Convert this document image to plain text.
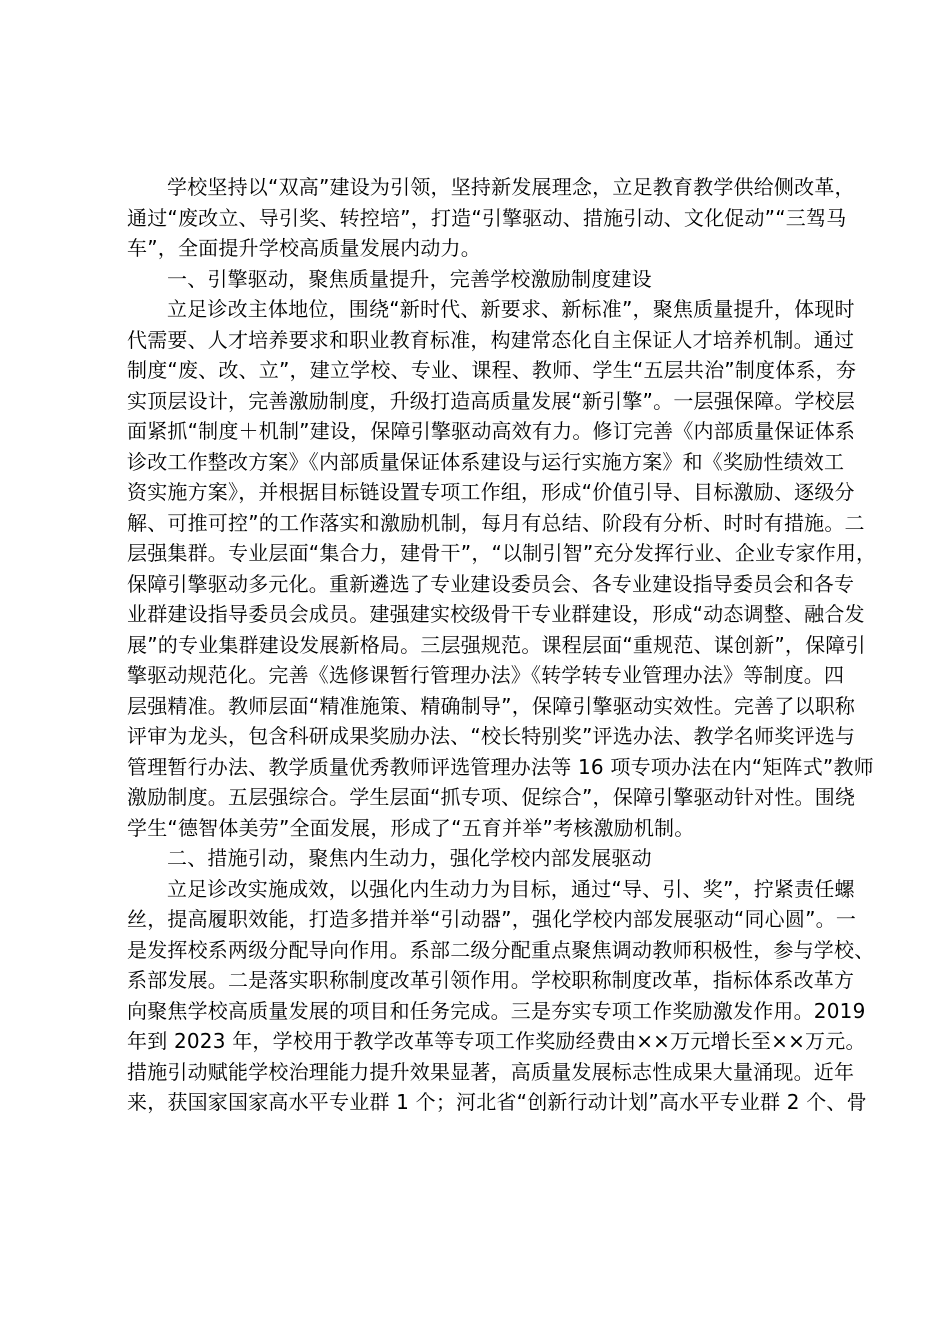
学校坚持以“双高”建设为引领，坚持新发展理念，立足教育教学供给侧改革，
通过“废改立、导引奖、转控培”，打造“引擎驱动、措施引动、文化促动”“三驾马
车”，全面提升学校高质量发展内动力。
一、引擎驱动，聚焦质量提升，完善学校激励制度建设
立足诊改主体地位，围绕“新时代、新要求、新标准”，聚焦质量提升，体现时
代需要、人才培养要求和职业教育标准，构建常态化自主保证人才培养机制。通过
制度“废、改、立”，建立学校、专业、课程、教师、学生“五层共治”制度体系，夯
实顶层设计，完善激励制度，升级打造高质量发展“新引擎”。一层强保障。学校层
面紧抓“制度＋机制”建设，保障引擎驱动高效有力。修订完善《内部质量保证体系
诊改工作整改方案》《内部质量保证体系建设与运行实施方案》和《奖励性绩效工
资实施方案》，并根据目标链设置专项工作组，形成“价值引导、目标激励、逐级分
解、可推可控”的工作落实和激励机制，每月有总结、阶段有分析、时时有措施。二
层强集群。专业层面“集合力，建骨干”，“以制引智”充分发挥行业、企业专家作用，
保障引擎驱动多元化。重新遴选了专业建设委员会、各专业建设指导委员会和各专
业群建设指导委员会成员。建强建实校级骨干专业群建设，形成“动态调整、融合发
展”的专业集群建设发展新格局。三层强规范。课程层面“重规范、谋创新”，保障引
擎驱动规范化。完善《选修课暂行管理办法》《转学转专业管理办法》等制度。四
层强精准。教师层面“精准施策、精确制导”，保障引擎驱动实效性。完善了以职称
评审为龙头，包含科研成果奖励办法、“校长特别奖”评选办法、教学名师奖评选与
管理暂行办法、教学质量优秀教师评选管理办法等 16 项专项办法在内“矩阵式”教师
激励制度。五层强综合。学生层面“抓专项、促综合”，保障引擎驱动针对性。围绕
学生“德智体美劳”全面发展，形成了“五育并举”考核激励机制。
二、措施引动，聚焦内生动力，强化学校内部发展驱动
立足诊改实施成效，以强化内生动力为目标，通过“导、引、奖”，拧紧责任螺
丝，提高履职效能，打造多措并举“引动器”，强化学校内部发展驱动“同心圆”。一
是发挥校系两级分配导向作用。系部二级分配重点聚焦调动教师积极性，参与学校、
系部发展。二是落实职称制度改革引领作用。学校职称制度改革，指标体系改革方
向聚焦学校高质量发展的项目和任务完成。三是夯实专项工作奖励激发作用。2019
年到 2023 年，学校用于教学改革等专项工作奖励经费由××万元增长至××万元。
措施引动赋能学校治理能力提升效果显著，高质量发展标志性成果大量涌现。近年
来，获国家国家高水平专业群 1 个；河北省“创新行动计划”高水平专业群 2 个、骨
